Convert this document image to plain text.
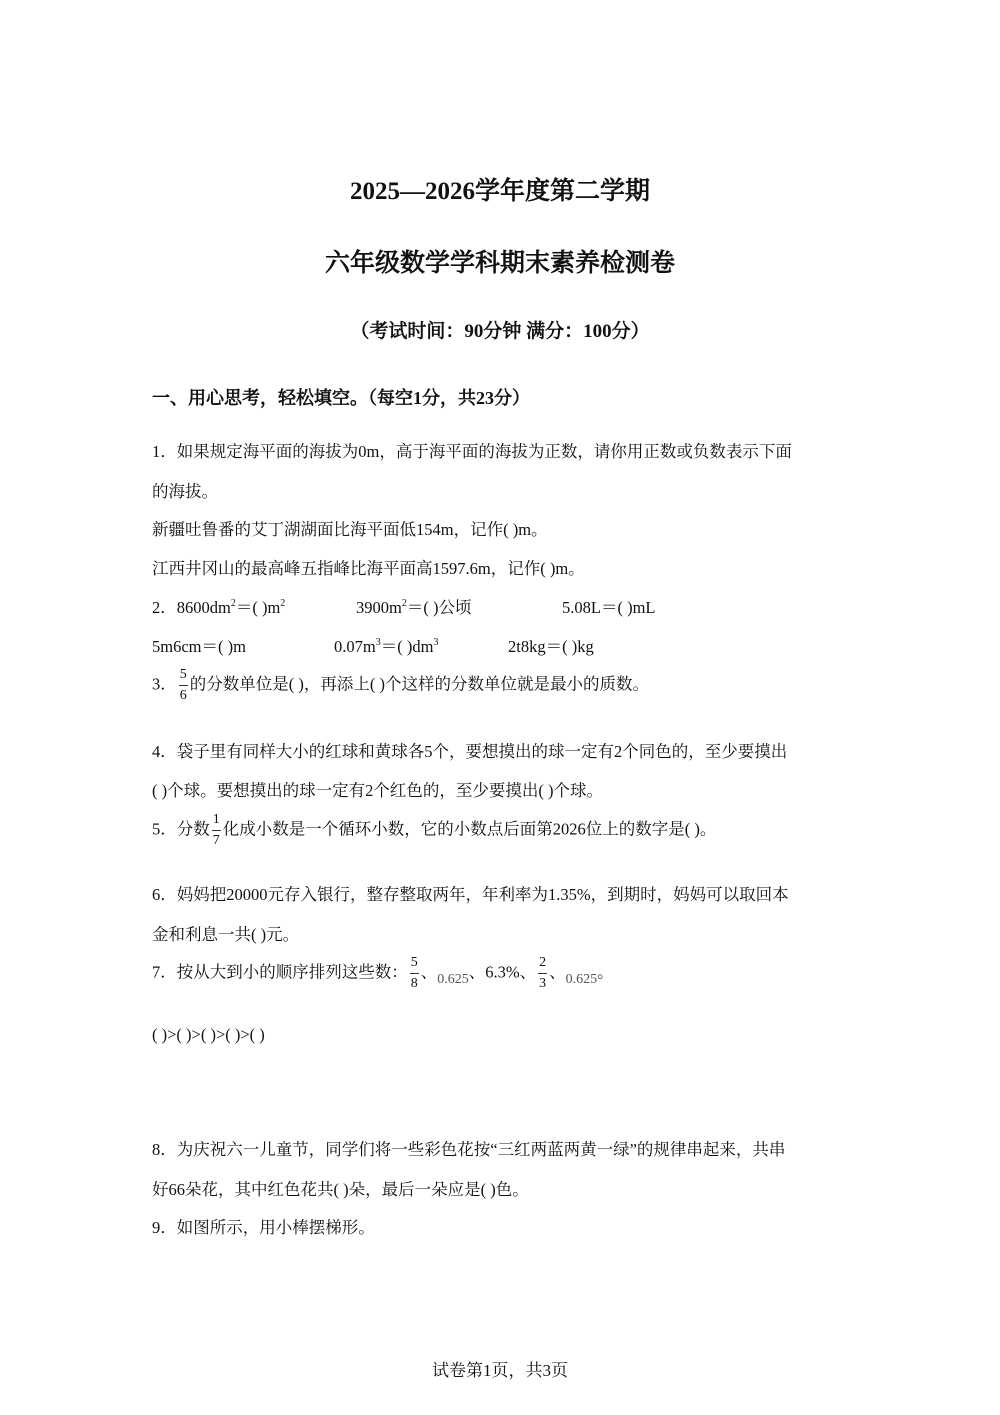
2025—2026学年度第二学期
六年级数学学科期末素养检测卷
（考试时间：90分钟 满分：100分）
一、用心思考，轻松填空。（每空1分，共23分）
1．如果规定海平面的海拔为0m，高于海平面的海拔为正数，请你用正数或负数表示下面
的海拔。
新疆吐鲁番的艾丁湖湖面比海平面低154m，记作( )m。
江西井冈山的最高峰五指峰比海平面高1597.6m，记作( )m。
2．$8600dm^2=$( )$m^2$	$3900m^2=$( )公顷	5.08L＝( )mL
5m6cm＝( )m	$0.07m^3=$( )$dm^3$	2t8kg＝( )kg
3． $\frac{5}{6}$ 的分数单位是( )，再添上( )个这样的分数单位就是最小的质数。
4．袋子里有同样大小的红球和黄球各5个，要想摸出的球一定有2个同色的，至少要摸出
( )个球。要想摸出的球一定有2个红色的，至少要摸出( )个球。
5．分数 $\frac{1}{7}$ 化成小数是一个循环小数，它的小数点后面第2026位上的数字是( )。
6．妈妈把20000元存入银行，整存整取两年，年利率为1.35%，到期时，妈妈可以取回本
金和利息一共( )元。
7．按从大到小的顺序排列这些数： $\frac{5}{8}$ 、$_{0.625}$、6.3%、 $\frac{2}{3}$ 、$_{0.625}$。
( )>( )>( )>( )>( )
8．为庆祝六一儿童节，同学们将一些彩色花按“三红两蓝两黄一绿”的规律串起来，共串
好66朵花，其中红色花共( )朵，最后一朵应是( )色。
9．如图所示，用小棒摆梯形。
试卷第1页，共3页
